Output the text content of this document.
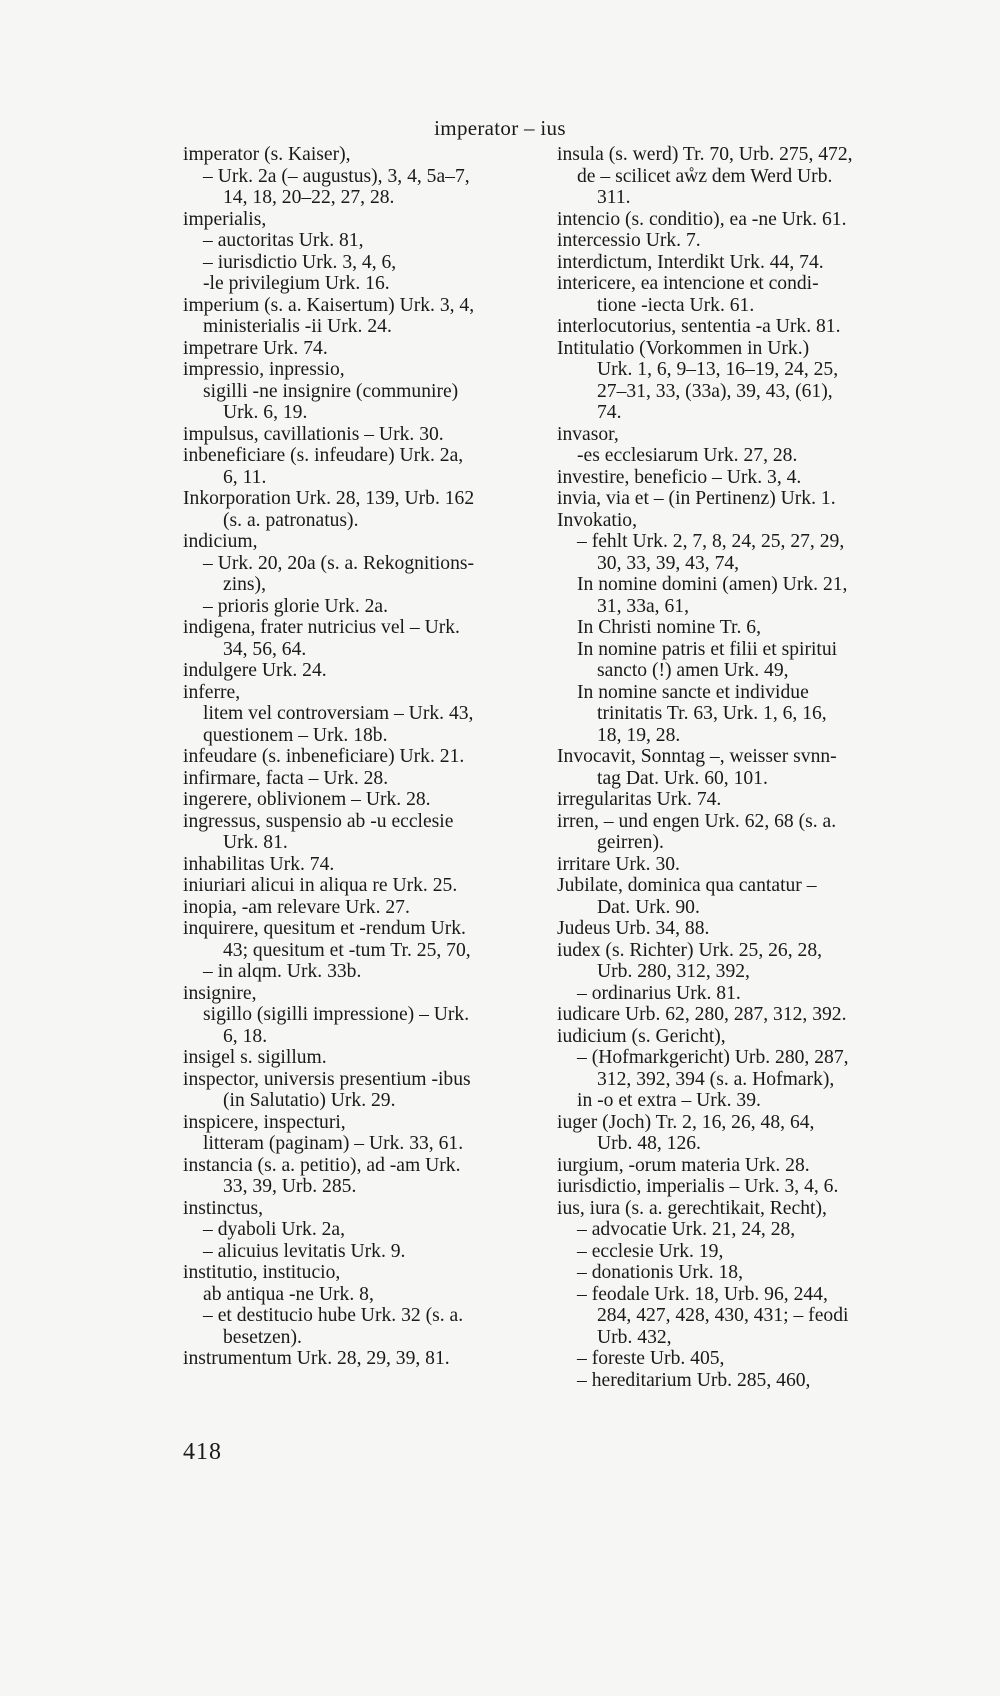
imperator – ius
imperator (s. Kaiser),
– Urk. 2a (– augustus), 3, 4, 5a–7,
14, 18, 20–22, 27, 28.
imperialis,
– auctoritas Urk. 81,
– iurisdictio Urk. 3, 4, 6,
-le privilegium Urk. 16.
imperium (s. a. Kaisertum) Urk. 3, 4,
ministerialis -ii Urk. 24.
impetrare Urk. 74.
impressio, inpressio,
sigilli -ne insignire (communire)
Urk. 6, 19.
impulsus, cavillationis – Urk. 30.
inbeneficiare (s. infeudare) Urk. 2a,
6, 11.
Inkorporation Urk. 28, 139, Urb. 162
(s. a. patronatus).
indicium,
– Urk. 20, 20a (s. a. Rekognitions-
zins),
– prioris glorie Urk. 2a.
indigena, frater nutricius vel – Urk.
34, 56, 64.
indulgere Urk. 24.
inferre,
litem vel controversiam – Urk. 43,
questionem – Urk. 18b.
infeudare (s. inbeneficiare) Urk. 21.
infirmare, facta – Urk. 28.
ingerere, oblivionem – Urk. 28.
ingressus, suspensio ab -u ecclesie
Urk. 81.
inhabilitas Urk. 74.
iniuriari alicui in aliqua re Urk. 25.
inopia, -am relevare Urk. 27.
inquirere, quesitum et -rendum Urk.
43; quesitum et -tum Tr. 25, 70,
– in alqm. Urk. 33b.
insignire,
sigillo (sigilli impressione) – Urk.
6, 18.
insigel s. sigillum.
inspector, universis presentium -ibus
(in Salutatio) Urk. 29.
inspicere, inspecturi,
litteram (paginam) – Urk. 33, 61.
instancia (s. a. petitio), ad -am Urk.
33, 39, Urb. 285.
instinctus,
– dyaboli Urk. 2a,
– alicuius levitatis Urk. 9.
institutio, institucio,
ab antiqua -ne Urk. 8,
– et destitucio hube Urk. 32 (s. a.
besetzen).
instrumentum Urk. 28, 29, 39, 81.
insula (s. werd) Tr. 70, Urb. 275, 472,
de – scilicet aẘz dem Werd Urb.
311.
intencio (s. conditio), ea -ne Urk. 61.
intercessio Urk. 7.
interdictum, Interdikt Urk. 44, 74.
intericere, ea intencione et condi-
tione -iecta Urk. 61.
interlocutorius, sententia -a Urk. 81.
Intitulatio (Vorkommen in Urk.)
Urk. 1, 6, 9–13, 16–19, 24, 25,
27–31, 33, (33a), 39, 43, (61),
74.
invasor,
-es ecclesiarum Urk. 27, 28.
investire, beneficio – Urk. 3, 4.
invia, via et – (in Pertinenz) Urk. 1.
Invokatio,
– fehlt Urk. 2, 7, 8, 24, 25, 27, 29,
30, 33, 39, 43, 74,
In nomine domini (amen) Urk. 21,
31, 33a, 61,
In Christi nomine Tr. 6,
In nomine patris et filii et spiritui
sancto (!) amen Urk. 49,
In nomine sancte et individue
trinitatis Tr. 63, Urk. 1, 6, 16,
18, 19, 28.
Invocavit, Sonntag –, weisser svnn-
tag Dat. Urk. 60, 101.
irregularitas Urk. 74.
irren, – und engen Urk. 62, 68 (s. a.
geirren).
irritare Urk. 30.
Jubilate, dominica qua cantatur –
Dat. Urk. 90.
Judeus Urb. 34, 88.
iudex (s. Richter) Urk. 25, 26, 28,
Urb. 280, 312, 392,
– ordinarius Urk. 81.
iudicare Urb. 62, 280, 287, 312, 392.
iudicium (s. Gericht),
– (Hofmarkgericht) Urb. 280, 287,
312, 392, 394 (s. a. Hofmark),
in -o et extra – Urk. 39.
iuger (Joch) Tr. 2, 16, 26, 48, 64,
Urb. 48, 126.
iurgium, -orum materia Urk. 28.
iurisdictio, imperialis – Urk. 3, 4, 6.
ius, iura (s. a. gerechtikait, Recht),
– advocatie Urk. 21, 24, 28,
– ecclesie Urk. 19,
– donationis Urk. 18,
– feodale Urk. 18, Urb. 96, 244,
284, 427, 428, 430, 431; – feodi
Urb. 432,
– foreste Urb. 405,
– hereditarium Urb. 285, 460,
418
